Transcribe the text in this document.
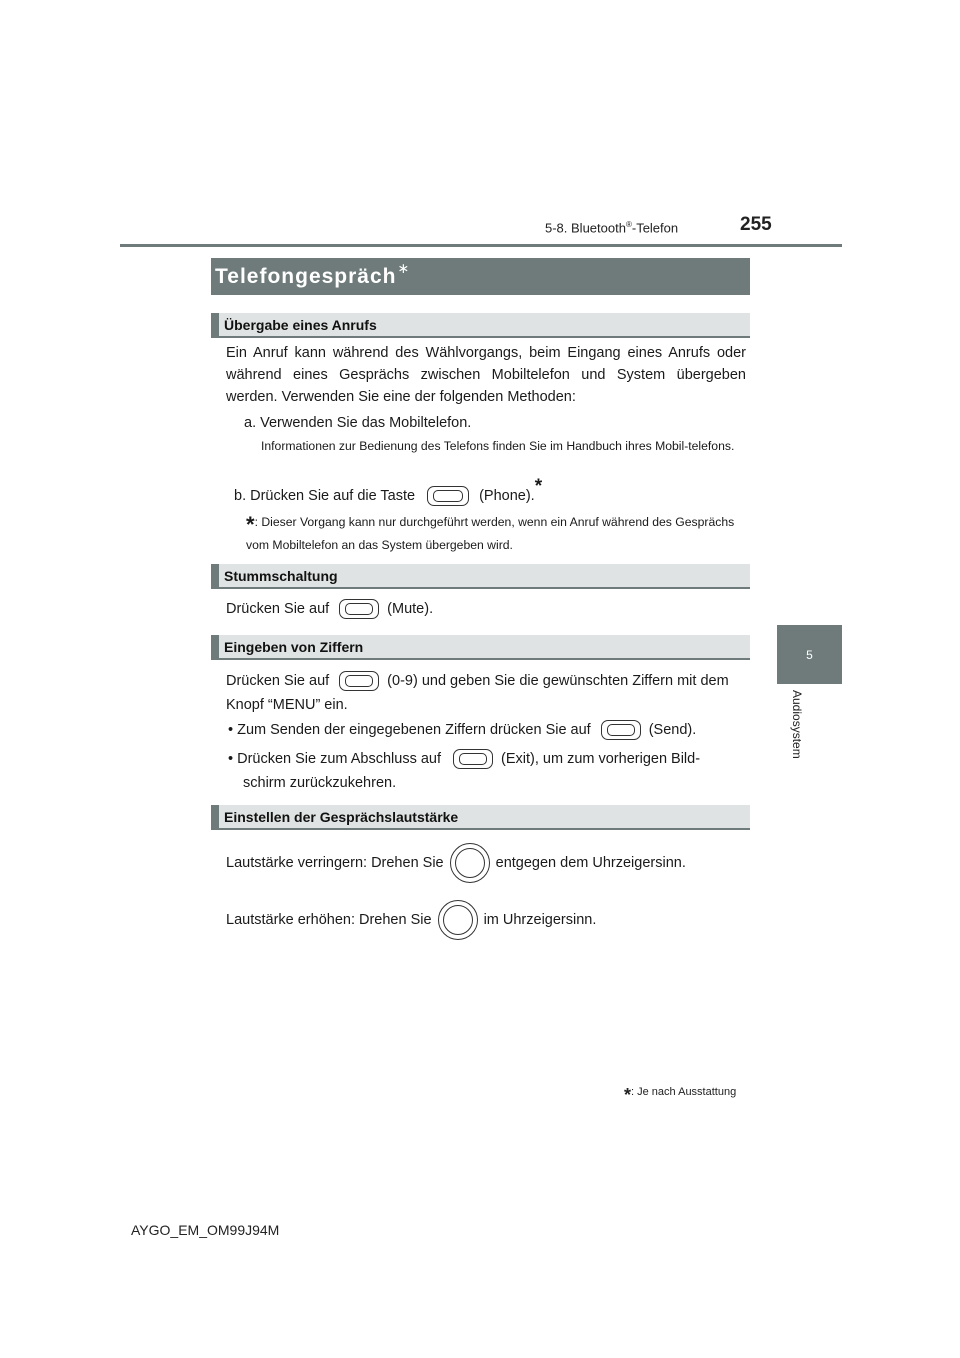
5-8. Bluetooth®-Telefon	255
5
Audiosystem
Telefongespräch ∗
Übergabe eines Anrufs
Ein Anruf kann während des Wählvorgangs, beim Eingang eines Anrufs oder während eines Gesprächs zwischen Mobiltelefon und System übergeben werden. Verwenden Sie eine der folgenden Methoden:
a. Verwenden Sie das Mobiltelefon.
Informationen zur Bedienung des Telefons finden Sie im Handbuch ihres Mobil-telefons.
b. Drücken Sie auf die Taste	(Phone).*
*: Dieser Vorgang kann nur durchgeführt werden, wenn ein Anruf während des Gesprächs vom Mobiltelefon an das System übergeben wird.
Stummschaltung
Drücken Sie auf	(Mute).
Eingeben von Ziffern
Drücken Sie auf	(0-9) und geben Sie die gewünschten Ziffern mit dem
Knopf “MENU” ein.
• Zum Senden der eingegebenen Ziffern drücken Sie auf	(Send).
• Drücken Sie zum Abschluss auf	(Exit), um zum vorherigen Bild-
schirm zurückzukehren.
Einstellen der Gesprächslautstärke
Lautstärke verringern: Drehen Sie	entgegen dem Uhrzeigersinn.
Lautstärke erhöhen: Drehen Sie	im Uhrzeigersinn.
*: Je nach Ausstattung
AYGO_EM_OM99J94M
